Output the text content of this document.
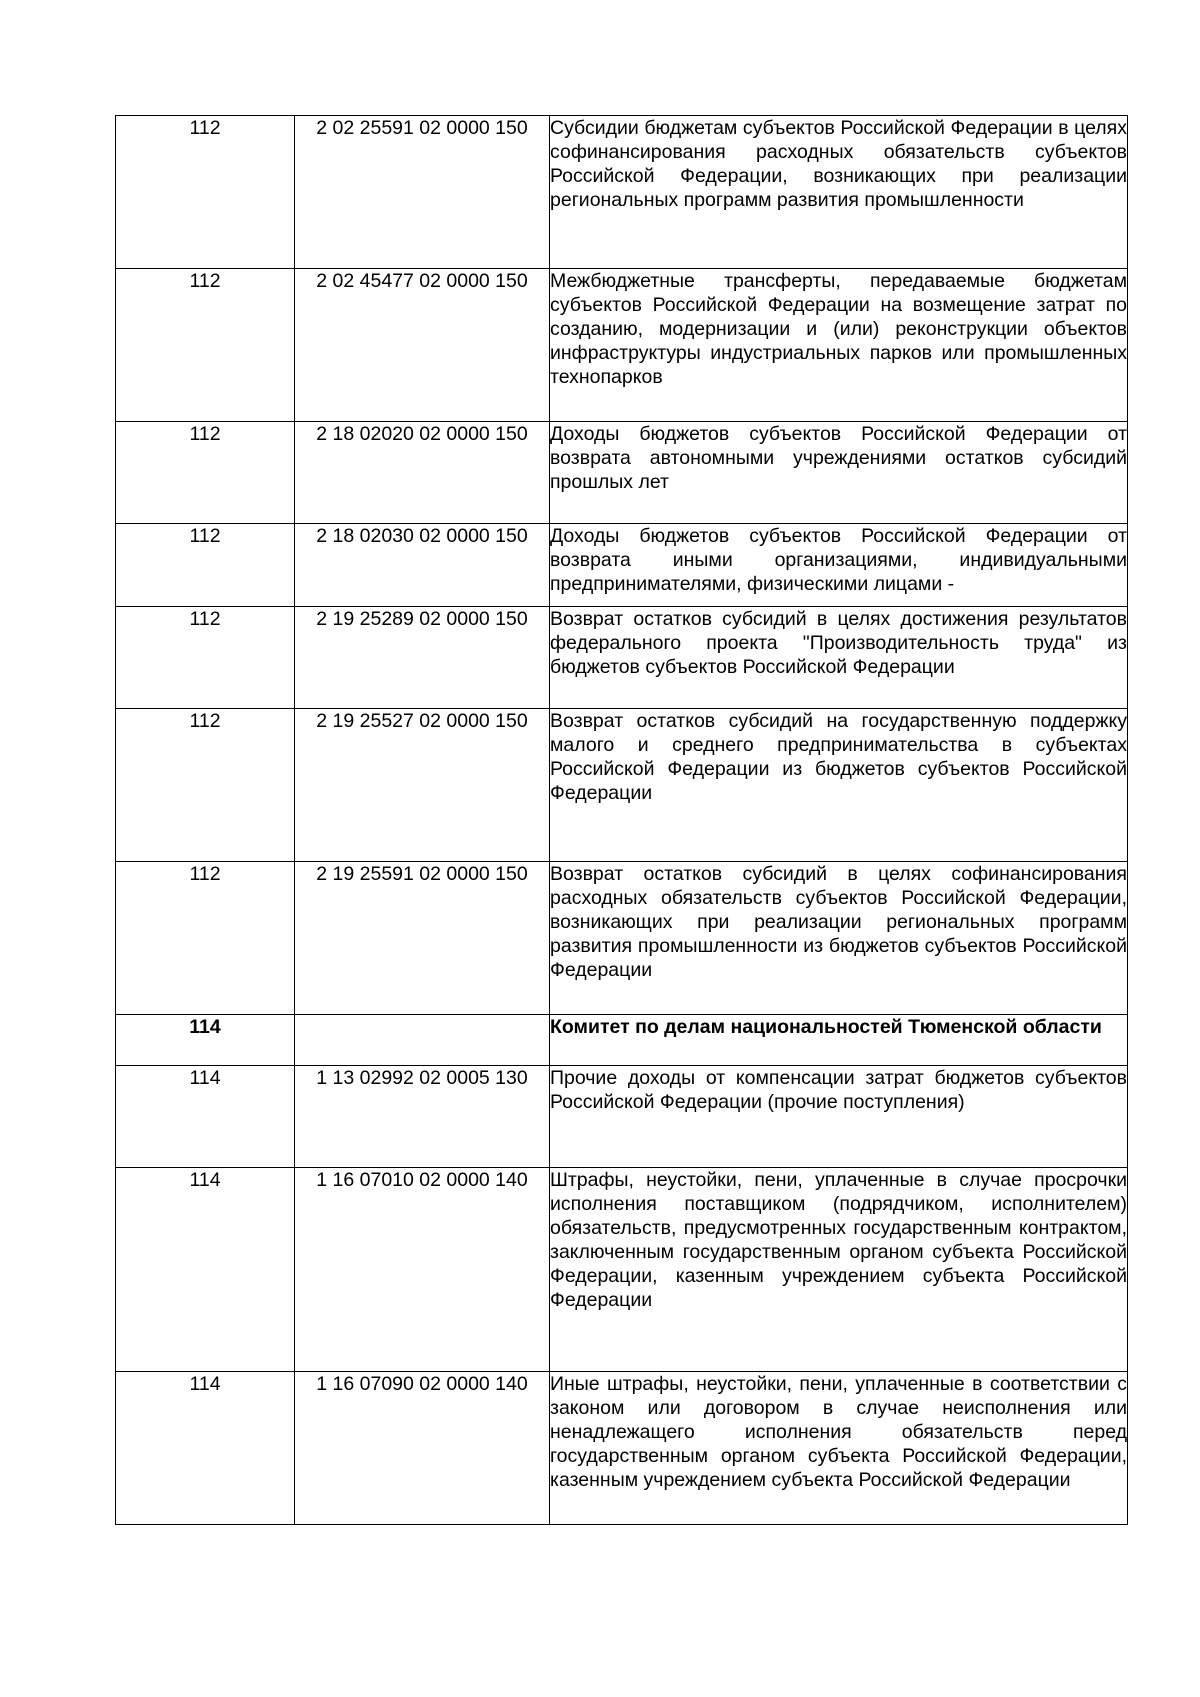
112	2 02 25591 02 0000 150	Субсидии бюджетам субъектов Российской Федерации в целях софинансирования расходных обязательств субъектов Российской Федерации, возникающих при реализации региональных программ развития промышленности
112	2 02 45477 02 0000 150	Межбюджетные трансферты, передаваемые бюджетам субъектов Российской Федерации на возмещение затрат по созданию, модернизации и (или) реконструкции объектов инфраструктуры индустриальных парков или промышленных технопарков
112	2 18 02020 02 0000 150	Доходы бюджетов субъектов Российской Федерации от возврата автономными учреждениями остатков субсидий прошлых лет
112	2 18 02030 02 0000 150	Доходы бюджетов субъектов Российской Федерации от возврата иными организациями, индивидуальными предпринимателями, физическими лицами -
112	2 19 25289 02 0000 150	Возврат остатков субсидий в целях достижения результатов федерального проекта "Производительность труда" из бюджетов субъектов Российской Федерации
112	2 19 25527 02 0000 150	Возврат остатков субсидий на государственную поддержку малого и среднего предпринимательства в субъектах Российской Федерации из бюджетов субъектов Российской Федерации
112	2 19 25591 02 0000 150	Возврат остатков субсидий в целях софинансирования расходных обязательств субъектов Российской Федерации, возникающих при реализации региональных программ развития промышленности из бюджетов субъектов Российской Федерации
114		Комитет по делам национальностей Тюменской области
114	1 13 02992 02 0005 130	Прочие доходы от компенсации затрат бюджетов субъектов Российской Федерации (прочие поступления)
114	1 16 07010 02 0000 140	Штрафы, неустойки, пени, уплаченные в случае просрочки исполнения поставщиком (подрядчиком, исполнителем) обязательств, предусмотренных государственным контрактом, заключенным государственным органом субъекта Российской Федерации, казенным учреждением субъекта Российской Федерации
114	1 16 07090 02 0000 140	Иные штрафы, неустойки, пени, уплаченные в соответствии с законом или договором в случае неисполнения или ненадлежащего исполнения обязательств перед государственным органом субъекта Российской Федерации, казенным учреждением субъекта Российской Федерации
